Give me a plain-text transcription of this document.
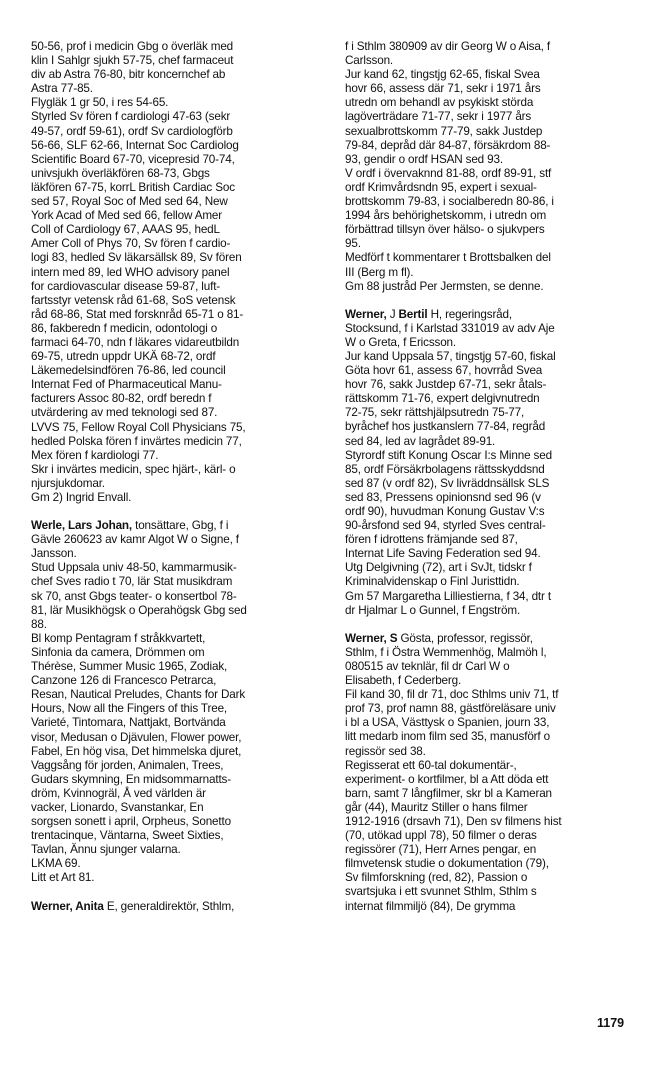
50-56, prof i medicin Gbg o överläk med

klin I Sahlgr sjukh 57-75, chef farmaceut

div ab Astra 76-80, bitr koncernchef ab

Astra 77-85.

Flygläk 1 gr 50, i res 54-65.

Styrled Sv fören f cardiologi 47-63 (sekr

49-57, ordf 59-61), ordf Sv cardiologförb

56-66, SLF 62-66, Internat Soc Cardiolog

Scientific Board 67-70, vicepresid 70-74,

univsjukh överläkfören 68-73, Gbgs

läkfören 67-75, korrL British Cardiac Soc

sed 57, Royal Soc of Med sed 64, New

York Acad of Med sed 66, fellow Amer

Coll of Cardiology 67, AAAS 95, hedL

Amer Coll of Phys 70, Sv fören f cardio-

logi 83, hedled Sv läkarsällsk 89, Sv fören

intern med 89, led WHO advisory panel

for cardiovascular disease 59-87, luft-

fartsstyr vetensk råd 61-68, SoS vetensk

råd 68-86, Stat med forsknråd 65-71 o 81-

86, fakberedn f medicin, odontologi o

farmaci 64-70, ndn f läkares vidareutbildn

69-75, utredn uppdr UKÄ 68-72, ordf

Läkemedelsindfören 76-86, led council

Internat Fed of Pharmaceutical Manu-

facturers Assoc 80-82, ordf beredn f

utvärdering av med teknologi sed 87.

LVVS 75, Fellow Royal Coll Physicians 75,

hedled Polska fören f invärtes medicin 77,

Mex fören f kardiologi 77.

Skr i invärtes medicin, spec hjärt-, kärl- o

njursjukdomar.

Gm 2) Ingrid Envall.

Werle, Lars Johan, tonsättare, Gbg, f i

Gävle 260623 av kamr Algot W o Signe, f

Jansson.

Stud Uppsala univ 48-50, kammarmusik-

chef Sves radio t 70, lär Stat musikdram

sk 70, anst Gbgs teater- o konsertbol 78-

81, lär Musikhögsk o Operahögsk Gbg sed

88.

Bl komp Pentagram f stråkkvartett,

Sinfonia da camera, Drömmen om

Thérèse, Summer Music 1965, Zodiak,

Canzone 126 di Francesco Petrarca,

Resan, Nautical Preludes, Chants for Dark

Hours, Now all the Fingers of this Tree,

Varieté, Tintomara, Nattjakt, Bortvända

visor, Medusan o Djävulen, Flower power,

Fabel, En hög visa, Det himmelska djuret,

Vaggsång för jorden, Animalen, Trees,

Gudars skymning, En midsommarnatts-

dröm, Kvinnogräl, Å ved världen är

vacker, Lionardo, Svanstankar, En

sorgsen sonett i april, Orpheus, Sonetto

trentacinque, Väntarna, Sweet Sixties,

Tavlan, Ännu sjunger valarna.

LKMA 69.

Litt et Art 81.

Werner, Anita E, generaldirektör, Sthlm,

f i Sthlm 380909 av dir Georg W o Aisa, f

Carlsson.

Jur kand 62, tingstjg 62-65, fiskal Svea

hovr 66, assess där 71, sekr i 1971 års

utredn om behandl av psykiskt störda

lagöverträdare 71-77, sekr i 1977 års

sexualbrottskomm 77-79, sakk Justdep

79-84, depråd där 84-87, försäkrdom 88-

93, gendir o ordf HSAN sed 93.

V ordf i övervaknnd 81-88, ordf 89-91, stf

ordf Krimvårdsndn 95, expert i sexual-

brottskomm 79-83, i socialberedn 80-86, i

1994 års behörighetskomm, i utredn om

förbättrad tillsyn över hälso- o sjukvpers

95.

Medförf t kommentarer t Brottsbalken del

III (Berg m fl).

Gm 88 justråd Per Jermsten, se denne.

Werner, J Bertil H, regeringsråd,

Stocksund, f i Karlstad 331019 av adv Aje

W o Greta, f Ericsson.

Jur kand Uppsala 57, tingstjg 57-60, fiskal

Göta hovr 61, assess 67, hovrråd Svea

hovr 76, sakk Justdep 67-71, sekr åtals-

rättskomm 71-76, expert delgivnutredn

72-75, sekr rättshjälpsutredn 75-77,

byråchef hos justkanslern 77-84, regråd

sed 84, led av lagrådet 89-91.

Styrordf stift Konung Oscar I:s Minne sed

85, ordf Försäkrbolagens rättsskyddsnd

sed 87 (v ordf 82), Sv livräddnsällsk SLS

sed 83, Pressens opinionsnd sed 96 (v

ordf 90), huvudman Konung Gustav V:s

90-årsfond sed 94, styrled Sves central-

fören f idrottens främjande sed 87,

Internat Life Saving Federation sed 94.

Utg Delgivning (72), art i SvJt, tidskr f

Kriminalvidenskap o Finl Juristtidn.

Gm 57 Margaretha Lilliestierna, f 34, dtr t

dr Hjalmar L o Gunnel, f Engström.

Werner, S Gösta, professor, regissör,

Sthlm, f i Östra Wemmenhög, Malmöh l,

080515 av teknlär, fil dr Carl W o

Elisabeth, f Cederberg.

Fil kand 30, fil dr 71, doc Sthlms univ 71, tf

prof 73, prof namn 88, gästföreläsare univ

i bl a USA, Västtysk o Spanien, journ 33,

litt medarb inom film sed 35, manusförf o

regissör sed 38.

Regisserat ett 60-tal dokumentär-,

experiment- o kortfilmer, bl a Att döda ett

barn, samt 7 långfilmer, skr bl a Kameran

går (44), Mauritz Stiller o hans filmer

1912-1916 (drsavh 71), Den sv filmens hist

(70, utökad uppl 78), 50 filmer o deras

regissörer (71), Herr Arnes pengar, en

filmvetensk studie o dokumentation (79),

Sv filmforskning (red, 82), Passion o

svartsjuka i ett svunnet Sthlm, Sthlm s

internat filmmiljö (84), De grymma

1179
